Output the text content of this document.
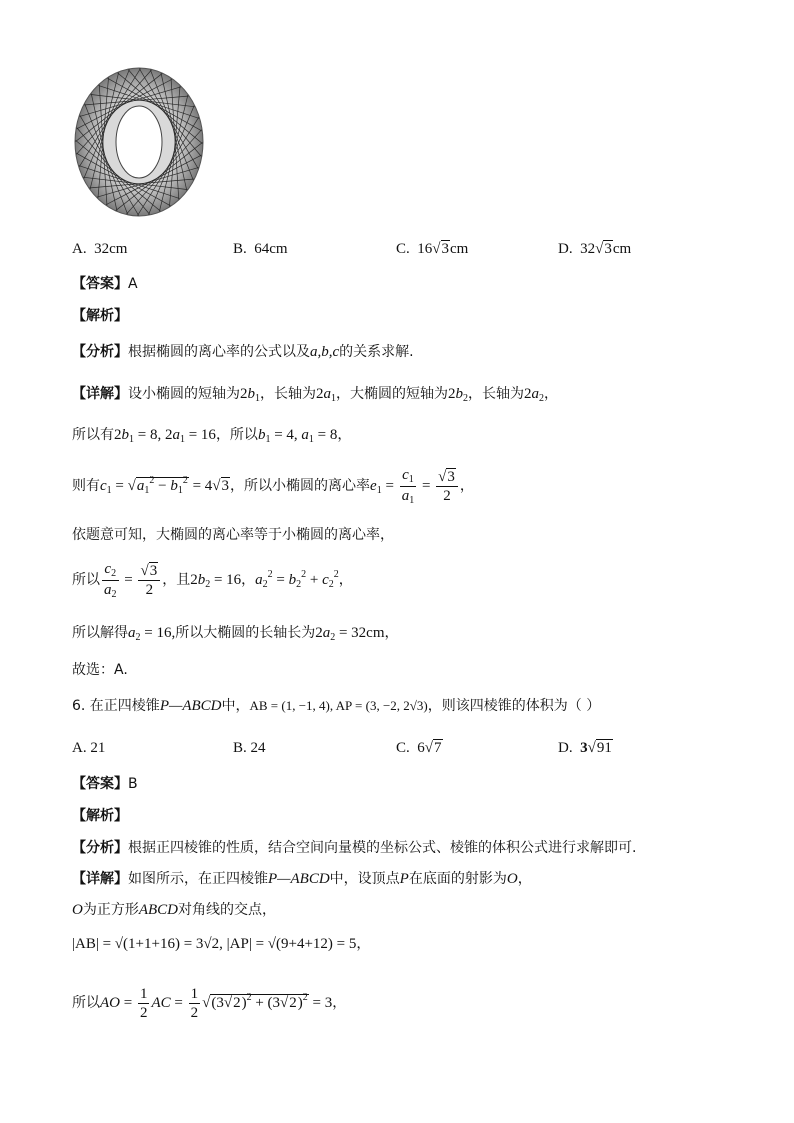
A. 32cm	B. 64cm	C. 16√3cm	D. 32√3cm
【答案】A
【解析】
【分析】根据椭圆的离心率的公式以及a,b,c的关系求解.
【详解】设小椭圆的短轴为$2b_1$，长轴为$2a_1$，大椭圆的短轴为$2b_2$，长轴为$2a_2$，
所以有$2b_1 = 8$, $2a_1 = 16$，所以$b_1 = 4$, $a_1 = 8$，
则有$c_1 = √a_1^2 - b_1^2 = 4√3$，所以小椭圆的离心率$e_1 = \frac{c_1}{a_1} = \frac{√3}{2}$ ，
依题意可知，大椭圆的离心率等于小椭圆的离心率，
所以 $\frac{c_2}{a_2} = \frac{√3}{2}$ ，且$2b_2 = 16$，$a_2^2 = b_2^2 + c_2^2$，
所以解得$a_2 = 16$,所以大椭圆的长轴长为$2a_2 = 32cm$，
故选：A.
6. 在正四棱锥P—ABCD中，AB = (1, −1, 4), AP = (3, −2, 2√3)，则该四棱锥的体积为（ ）
A. 21	B. 24	C. 6√7	D. 3√91
【答案】B
【解析】
【分析】根据正四棱锥的性质，结合空间向量模的坐标公式、棱锥的体积公式进行求解即可.
【详解】如图所示，在正四棱锥P—ABCD中，设顶点P在底面的射影为O，
O为正方形ABCD对角线的交点，
|AB| = √(1+1+16) = 3√2, |AP| = √(9+4+12) = 5，
所以AO = $\frac{1}{2}$ AC = $\frac{1}{2} √(3√2)^2 + (3√2)^2 = 3$，
